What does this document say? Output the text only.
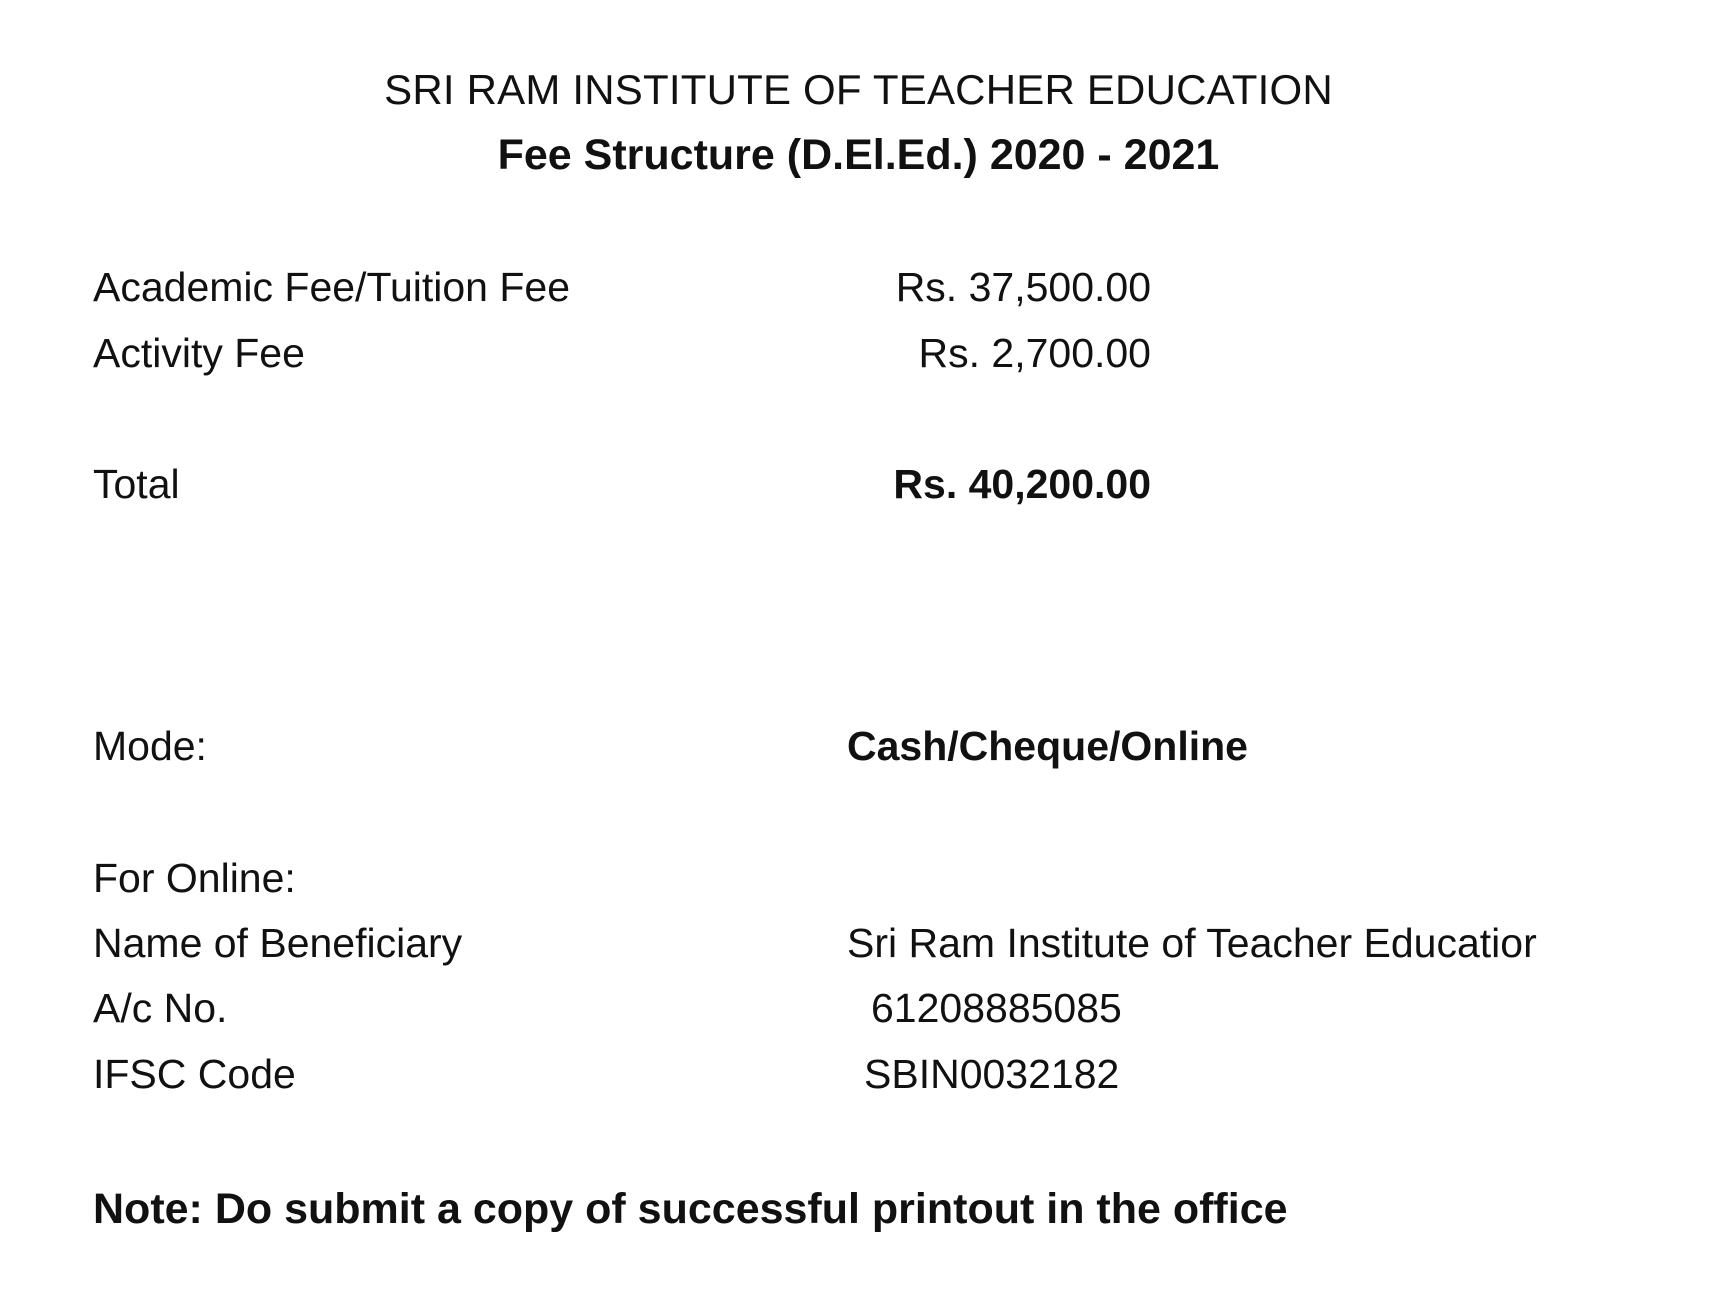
SRI RAM INSTITUTE OF TEACHER EDUCATION
Fee Structure (D.El.Ed.) 2020 - 2021
Academic Fee/Tuition Fee	Rs. 37,500.00
Activity Fee	Rs. 2,700.00
Total	Rs. 40,200.00
Mode:	Cash/Cheque/Online
For Online:
Name of Beneficiary	Sri Ram Institute of Teacher Educatior
A/c No.	61208885085
IFSC Code	SBIN0032182
Note: Do submit a copy of successful printout in the office
